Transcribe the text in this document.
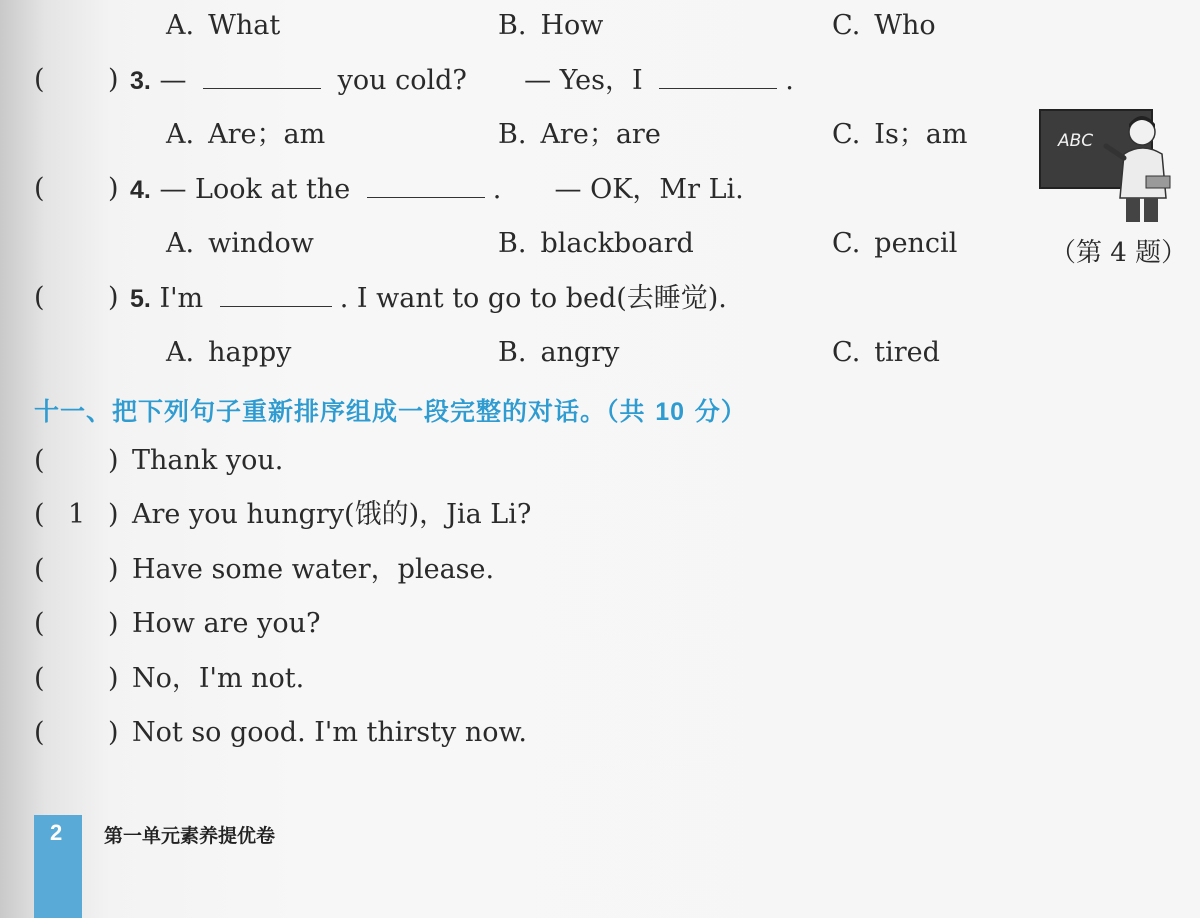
A. What	B. How	C. Who
( ) 3. —	you cold? — Yes，I	.
A. Are；am	B. Are；are	C. Is；am
( ) 4. — Look at the	. — OK，Mr Li.
A. window	B. blackboard	C. pencil
ABC
（第 4 题）
( ) 5. I'm	. I want to go to bed(去睡觉).
A. happy	B. angry	C. tired
十一、把下列句子重新排序组成一段完整的对话。（共 10 分）
( ) Thank you.
( 1 ) Are you hungry(饿的)，Jia Li?
( ) Have some water，please.
( ) How are you?
( ) No，I'm not.
( ) Not so good. I'm thirsty now.
2 第一单元素养提优卷
